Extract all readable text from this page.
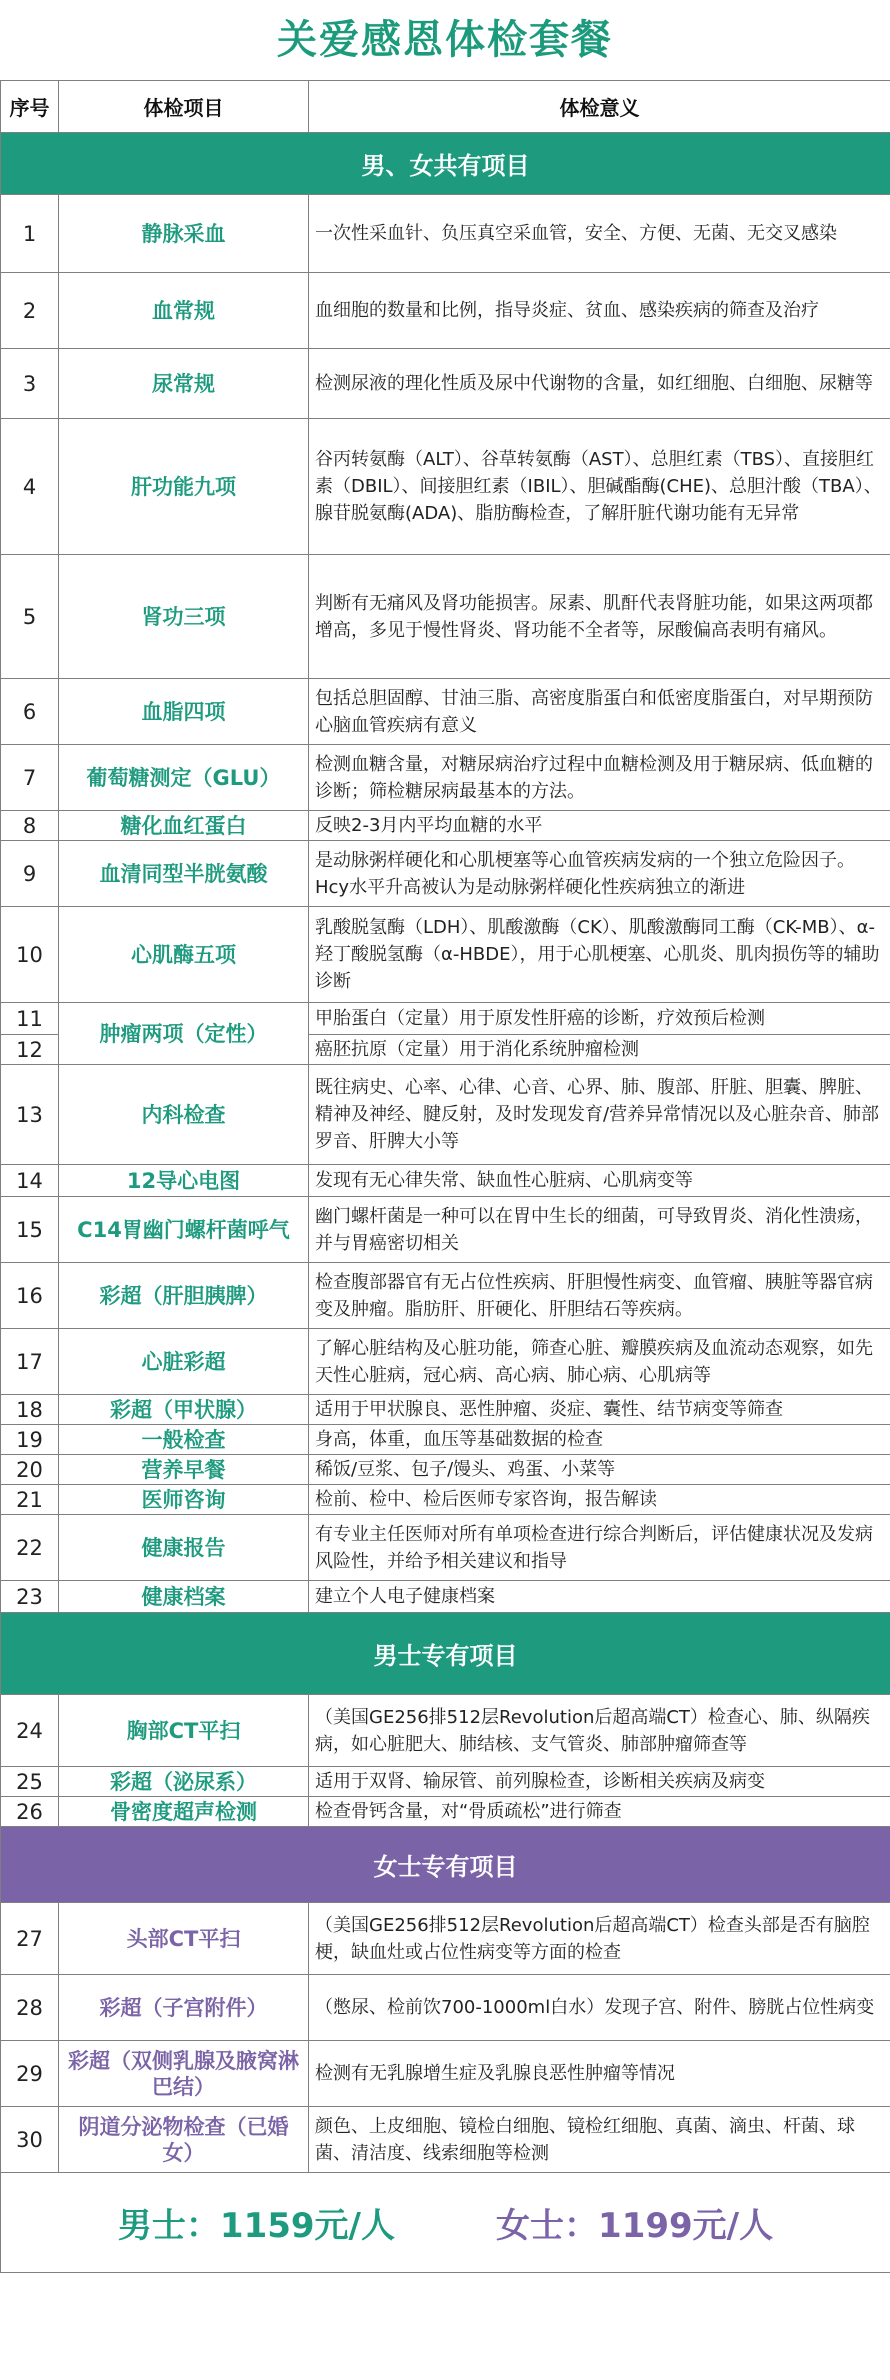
关爱感恩体检套餐
序号	体检项目	体检意义
男、女共有项目		
1	静脉采血	一次性采血针、负压真空采血管，安全、方便、无菌、无交叉感染
2	血常规	血细胞的数量和比例，指导炎症、贫血、感染疾病的筛查及治疗
3	尿常规	检测尿液的理化性质及尿中代谢物的含量，如红细胞、白细胞、尿糖等
4	肝功能九项	谷丙转氨酶（ALT）、谷草转氨酶（AST）、总胆红素（TBS）、直接胆红素（DBIL）、间接胆红素（IBIL）、胆碱酯酶(CHE)、总胆汁酸（TBA）、腺苷脱氨酶(ADA)、脂肪酶检查，了解肝脏代谢功能有无异常
5	肾功三项	判断有无痛风及肾功能损害。尿素、肌酐代表肾脏功能，如果这两项都增高，多见于慢性肾炎、肾功能不全者等，尿酸偏高表明有痛风。
6	血脂四项	包括总胆固醇、甘油三脂、高密度脂蛋白和低密度脂蛋白，对早期预防心脑血管疾病有意义
7	葡萄糖测定（GLU）	检测血糖含量，对糖尿病治疗过程中血糖检测及用于糖尿病、低血糖的诊断；筛检糖尿病最基本的方法。
8	糖化血红蛋白	反映2-3月内平均血糖的水平
9	血清同型半胱氨酸	是动脉粥样硬化和心肌梗塞等心血管疾病发病的一个独立危险因子。Hcy水平升高被认为是动脉粥样硬化性疾病独立的渐进

10	心肌酶五项	乳酸脱氢酶（LDH）、肌酸激酶（CK）、肌酸激酶同工酶（CK-MB）、α-羟丁酸脱氢酶（α-HBDE），用于心肌梗塞、心肌炎、肌肉损伤等的辅助诊断
11	肿瘤两项（定性）	甲胎蛋白（定量）用于原发性肝癌的诊断，疗效预后检测
12		癌胚抗原（定量）用于消化系统肿瘤检测
13	内科检查	既往病史、心率、心律、心音、心界、肺、腹部、肝脏、胆囊、脾脏、精神及神经、腱反射，及时发现发育/营养异常情况以及心脏杂音、肺部罗音、肝脾大小等
14	12导心电图	发现有无心律失常、缺血性心脏病、心肌病变等
15	C14胃幽门螺杆菌呼气	幽门螺杆菌是一种可以在胃中生长的细菌，可导致胃炎、消化性溃疡，并与胃癌密切相关
16	彩超（肝胆胰脾）	检查腹部器官有无占位性疾病、肝胆慢性病变、血管瘤、胰脏等器官病变及肿瘤。脂肪肝、肝硬化、肝胆结石等疾病。
17	心脏彩超	了解心脏结构及心脏功能，筛查心脏、瓣膜疾病及血流动态观察，如先天性心脏病，冠心病、高心病、肺心病、心肌病等
18	彩超（甲状腺）	适用于甲状腺良、恶性肿瘤、炎症、囊性、结节病变等筛查
19	一般检查	身高，体重，血压等基础数据的检查
20	营养早餐	稀饭/豆浆、包子/馒头、鸡蛋、小菜等
21	医师咨询	检前、检中、检后医师专家咨询，报告解读
22	健康报告	有专业主任医师对所有单项检查进行综合判断后，评估健康状况及发病风险性，并给予相关建议和指导
23	健康档案	建立个人电子健康档案
男士专有项目		
24	胸部CT平扫	（美国GE256排512层Revolution后超高端CT）检查心、肺、纵隔疾病，如心脏肥大、肺结核、支气管炎、肺部肿瘤筛查等
25	彩超（泌尿系）	适用于双肾、输尿管、前列腺检查，诊断相关疾病及病变
26	骨密度超声检测	检查骨钙含量，对“骨质疏松”进行筛查
女士专有项目		
27	头部CT平扫	（美国GE256排512层Revolution后超高端CT）检查头部是否有脑腔梗，缺血灶或占位性病变等方面的检查
28	彩超（子宫附件）	（憋尿、检前饮700-1000ml白水）发现子宫、附件、膀胱占位性病变
29	彩超（双侧乳腺及腋窝淋巴结）	检测有无乳腺增生症及乳腺良恶性肿瘤等情况
30	阴道分泌物检查（已婚女）	颜色、上皮细胞、镜检白细胞、镜检红细胞、真菌、滴虫、杆菌、球菌、清洁度、线索细胞等检测
男士：1159元/人 女士：1199元/人		
